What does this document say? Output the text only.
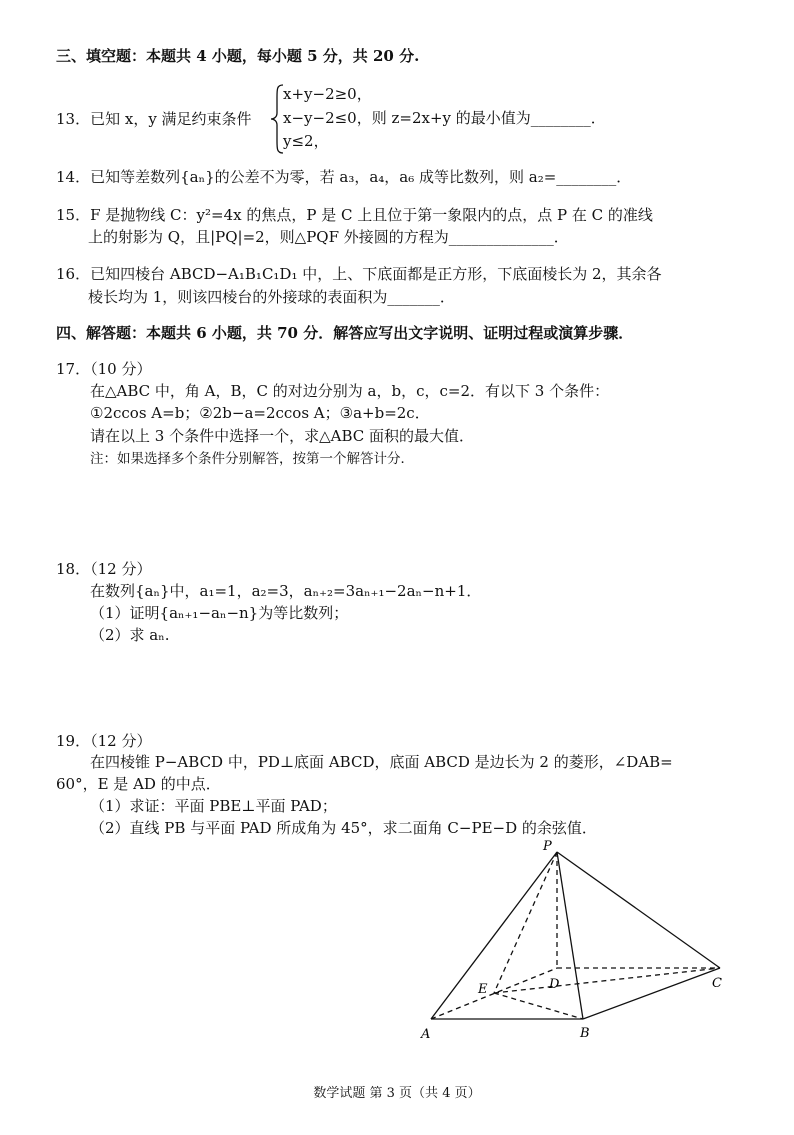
三、填空题：本题共 4 小题，每小题 5 分，共 20 分.
13．已知 x，y 满足约束条件
x+y−2≥0，
x−y−2≤0，则 z=2x+y 的最小值为________．
y≤2，
14．已知等差数列{aₙ}的公差不为零，若 a₃，a₄，a₆ 成等比数列，则 a₂=________．
15．F 是抛物线 C：y²=4x 的焦点，P 是 C 上且位于第一象限内的点，点 P 在 C 的准线
上的射影为 Q，且|PQ|=2，则△PQF 外接圆的方程为______________．
16．已知四棱台 ABCD−A₁B₁C₁D₁ 中，上、下底面都是正方形，下底面棱长为 2，其余各
棱长均为 1，则该四棱台的外接球的表面积为_______．
四、解答题：本题共 6 小题，共 70 分．解答应写出文字说明、证明过程或演算步骤．
17．（10 分）
在△ABC 中，角 A，B，C 的对边分别为 a，b，c，c=2．有以下 3 个条件：
①2ccos A=b；②2b−a=2ccos A；③a+b=2c．
请在以上 3 个条件中选择一个，求△ABC 面积的最大值．
注：如果选择多个条件分别解答，按第一个解答计分．
18．（12 分）
在数列{aₙ}中，a₁=1，a₂=3，aₙ₊₂=3aₙ₊₁−2aₙ−n+1．
（1）证明{aₙ₊₁−aₙ−n}为等比数列；
（2）求 aₙ.
19．（12 分）
在四棱锥 P−ABCD 中，PD⊥底面 ABCD，底面 ABCD 是边长为 2 的菱形，∠DAB=
60°，E 是 AD 的中点．
（1）求证：平面 PBE⊥平面 PAD；
（2）直线 PB 与平面 PAD 所成角为 45°，求二面角 C−PE−D 的余弦值．
P
A	B
C
D
E
数学试题 第 3 页（共 4 页）
